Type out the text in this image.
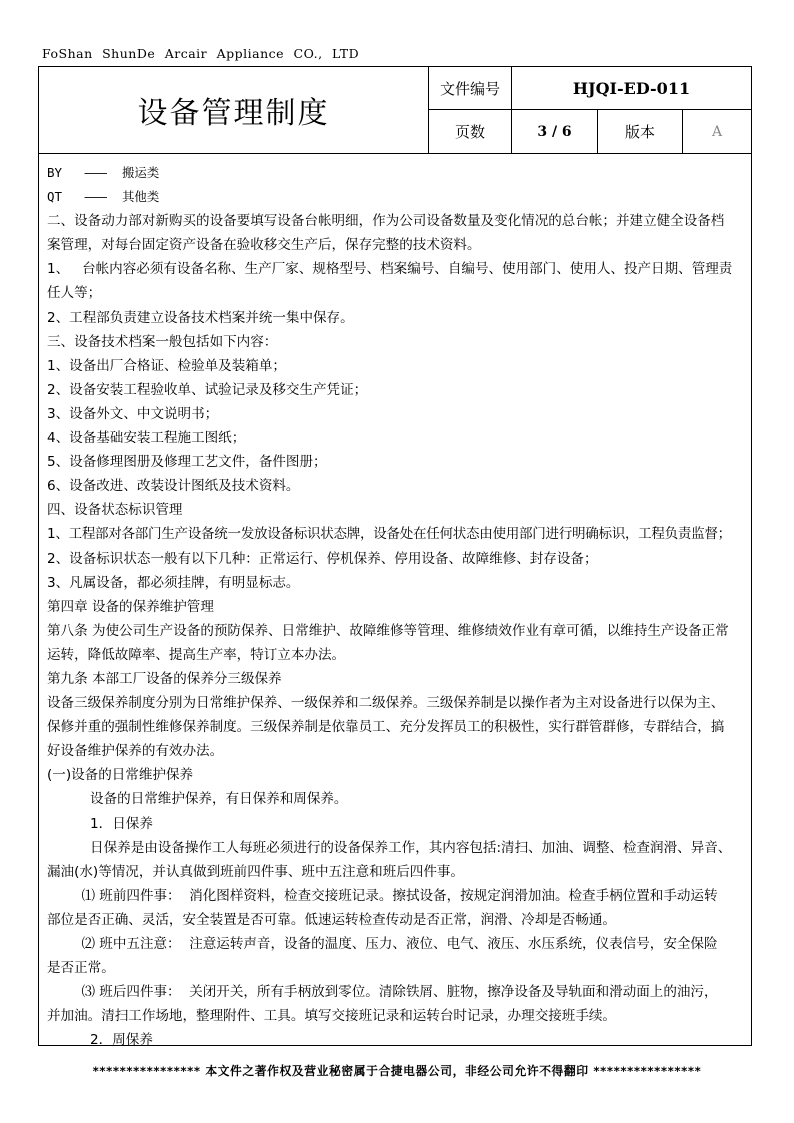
FoShan ShunDe Arcair Appliance CO., LTD
设备管理制度
文件编号	HJQI-ED-011
页数	3 / 6	版本	A
BY   ———  搬运类
QT   ———  其他类
二、设备动力部对新购买的设备要填写设备台帐明细，作为公司设备数量及变化情况的总台帐；并建立健全设备档
案管理，对每台固定资产设备在验收移交生产后，保存完整的技术资料。
1、   台帐内容必须有设备名称、生产厂家、规格型号、档案编号、自编号、使用部门、使用人、投产日期、管理责
任人等；
2、工程部负责建立设备技术档案并统一集中保存。
三、设备技术档案一般包括如下内容：
1、设备出厂合格证、检验单及装箱单；
2、设备安装工程验收单、试验记录及移交生产凭证；
3、设备外文、中文说明书；
4、设备基础安装工程施工图纸；
5、设备修理图册及修理工艺文件，备件图册；
6、设备改进、改装设计图纸及技术资料。
四、设备状态标识管理
1、工程部对各部门生产设备统一发放设备标识状态牌，设备处在任何状态由使用部门进行明确标识，工程负责监督；
2、设备标识状态一般有以下几种：正常运行、停机保养、停用设备、故障维修、封存设备；
3、凡属设备，都必须挂牌，有明显标志。
第四章 设备的保养维护管理
第八条 为使公司生产设备的预防保养、日常维护、故障维修等管理、维修绩效作业有章可循，以维持生产设备正常
运转，降低故障率、提高生产率，特订立本办法。
第九条 本部工厂设备的保养分三级保养
设备三级保养制度分别为日常维护保养、一级保养和二级保养。三级保养制是以操作者为主对设备进行以保为主、
保修并重的强制性维修保养制度。三级保养制是依靠员工、充分发挥员工的积极性，实行群管群修，专群结合，搞
好设备维护保养的有效办法。
(一)设备的日常维护保养
设备的日常维护保养，有日保养和周保养。
1．日保养
日保养是由设备操作工人每班必须进行的设备保养工作，其内容包括:清扫、加油、调整、检查润滑、异音、
漏油(水)等情况，并认真做到班前四件事、班中五注意和班后四件事。
⑴ 班前四件事：  消化图样资料，检查交接班记录。擦拭设备，按规定润滑加油。检查手柄位置和手动运转
部位是否正确、灵活，安全装置是否可靠。低速运转检查传动是否正常，润滑、冷却是否畅通。
⑵ 班中五注意：  注意运转声音，设备的温度、压力、液位、电气、液压、水压系统，仪表信号，安全保险
是否正常。
⑶ 班后四件事：  关闭开关，所有手柄放到零位。清除铁屑、脏物，擦净设备及导轨面和滑动面上的油污，
并加油。清扫工作场地，整理附件、工具。填写交接班记录和运转台时记录，办理交接班手续。
2．周保养
**************** 本文件之著作权及营业秘密属于合捷电器公司，非经公司允许不得翻印 ****************
